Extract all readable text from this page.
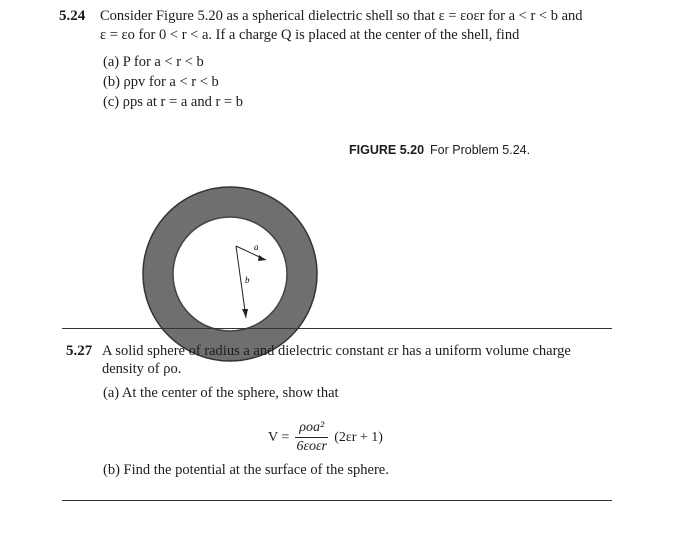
5.24 Consider Figure 5.20 as a spherical dielectric shell so that ε = εoεr for a < r < b and
ε = εo for 0 < r < a. If a charge Q is placed at the center of the shell, find
(a) P for a < r < b
(b) ρpv for a < r < b
(c) ρps at r = a and r = b
FIGURE 5.20 For Problem 5.24.
a
b
5.27 A solid sphere of radius a and dielectric constant εr has a uniform volume charge
density of ρo.
(a) At the center of the sphere, show that
$V = \frac{\text{ρoa²}}{\text{6εoεr}} (2\varepsilon r + 1)$
(b) Find the potential at the surface of the sphere.
